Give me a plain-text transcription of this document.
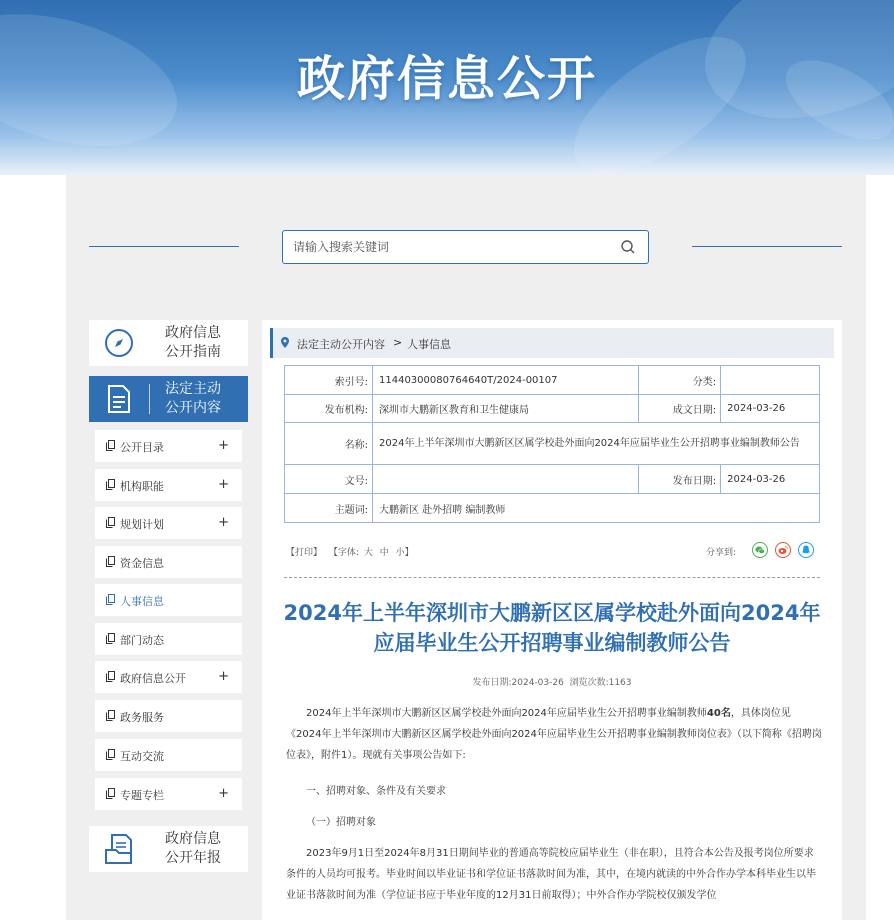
政府信息公开
请输入搜索关键词
政府信息
公开指南
法定主动
公开内容
公开目录	+
机构职能	+
规划计划	+
资金信息
人事信息
部门动态
政府信息公开 +
政务服务
互动交流
专题专栏	+
政府信息
公开年报
法定主动公开内容 > 人事信息
索引号:	11440300080764640T/2024-00107	分类:	
发布机构:	深圳市大鹏新区教育和卫生健康局	成文日期:	2024-03-26
名称:	2024年上半年深圳市大鹏新区区属学校赴外面向2024年应届毕业生公开招聘事业编制教师公告		
文号:		发布日期:	2024-03-26
主题词:	大鹏新区 赴外招聘 编制教师		
【打印】 【字体: 大 中 小】	分享到:
2024年上半年深圳市大鹏新区区属学校赴外面向2024年
应届毕业生公开招聘事业编制教师公告
发布日期:2024-03-26 浏览次数:1163
2024年上半年深圳市大鹏新区区属学校赴外面向2024年应届毕业生公开招聘事业编制教师40名，具体岗位见《2024年上半年深圳市大鹏新区区属学校赴外面向2024年应届毕业生公开招聘事业编制教师岗位表》（以下简称《招聘岗位表》，附件1）。现就有关事项公告如下:
一、招聘对象、条件及有关要求
（一）招聘对象
2023年9月1日至2024年8月31日期间毕业的普通高等院校应届毕业生（非在职），且符合本公告及报考岗位所要求条件的人员均可报考。毕业时间以毕业证书和学位证书落款时间为准，其中，在境内就读的中外合作办学本科毕业生以毕业证书落款时间为准（学位证书应于毕业年度的12月31日前取得）；中外合作办学院校仅颁发学位
